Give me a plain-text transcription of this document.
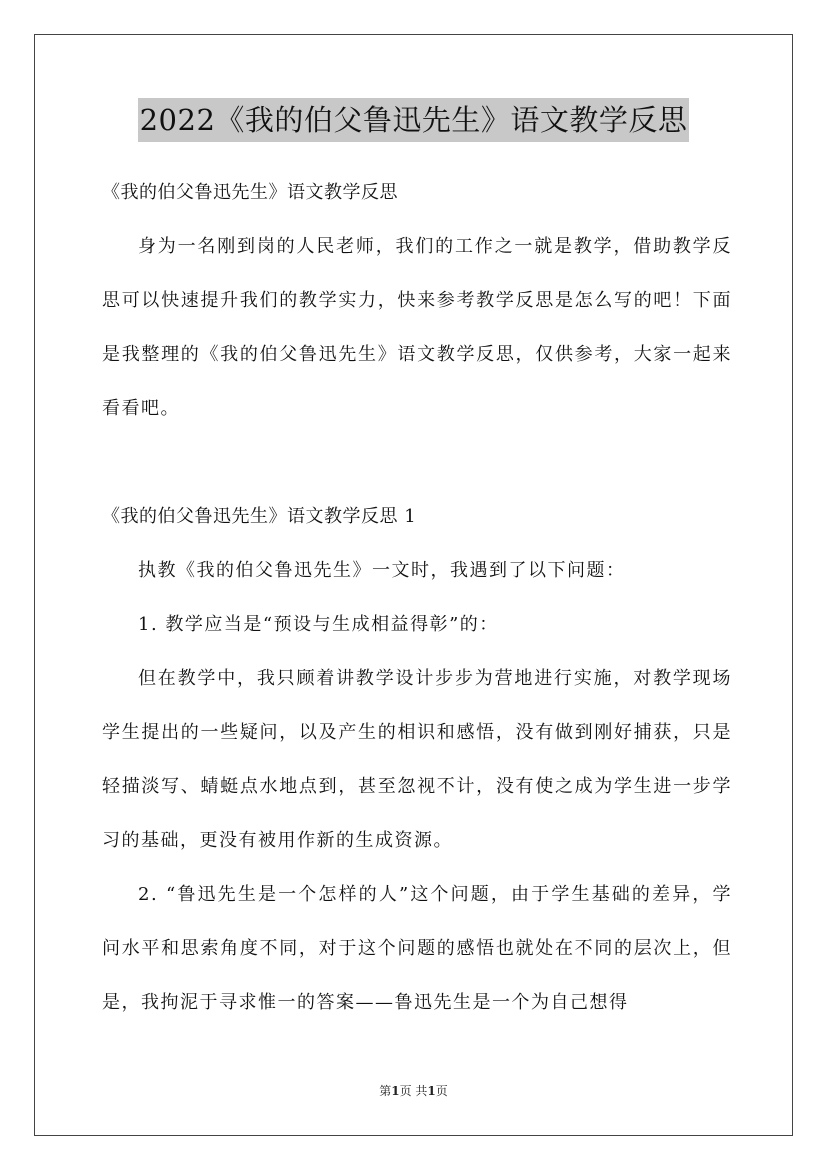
2022《我的伯父鲁迅先生》语文教学反思

《我的伯父鲁迅先生》语文教学反思

身为一名刚到岗的人民老师，我们的工作之一就是教学，借助教学反思可以快速提升我们的教学实力，快来参考教学反思是怎么写的吧！下面是我整理的《我的伯父鲁迅先生》语文教学反思，仅供参考，大家一起来看看吧。

《我的伯父鲁迅先生》语文教学反思 1

执教《我的伯父鲁迅先生》一文时，我遇到了以下问题：

1. 教学应当是“预设与生成相益得彰”的：

但在教学中，我只顾着讲教学设计步步为营地进行实施，对教学现场学生提出的一些疑问，以及产生的相识和感悟，没有做到刚好捕获，只是轻描淡写、蜻蜓点水地点到，甚至忽视不计，没有使之成为学生进一步学习的基础，更没有被用作新的生成资源。

2. “鲁迅先生是一个怎样的人”这个问题，由于学生基础的差异，学问水平和思索角度不同，对于这个问题的感悟也就处在不同的层次上，但是，我拘泥于寻求惟一的答案——鲁迅先生是一个为自己想得

第1页 共1页
